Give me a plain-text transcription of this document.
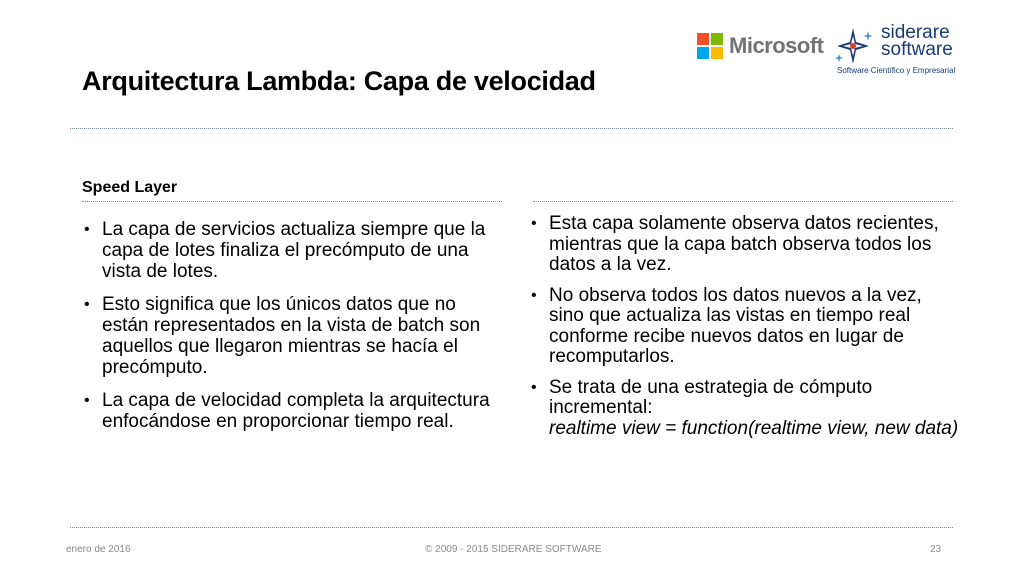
Microsoft
siderare
software
Software Científico y Empresarial
Arquitectura Lambda: Capa de velocidad
Speed Layer
• La capa de servicios actualiza siempre que la capa de lotes finaliza el precómputo de una vista de lotes.
• Esto significa que los únicos datos que no están representados en la vista de batch son aquellos que llegaron mientras se hacía el precómputo.
• La capa de velocidad completa la arquitectura enfocándose en proporcionar tiempo real.
• Esta capa solamente observa datos recientes, mientras que la capa batch observa todos los datos a la vez.
• No observa todos los datos nuevos a la vez, sino que actualiza las vistas en tiempo real conforme recibe nuevos datos en lugar de recomputarlos.
• Se trata de una estrategia de cómputo incremental:
realtime view = function(realtime view, new data)
enero de 2016	© 2009 - 2015 SIDERARE SOFTWARE	23
